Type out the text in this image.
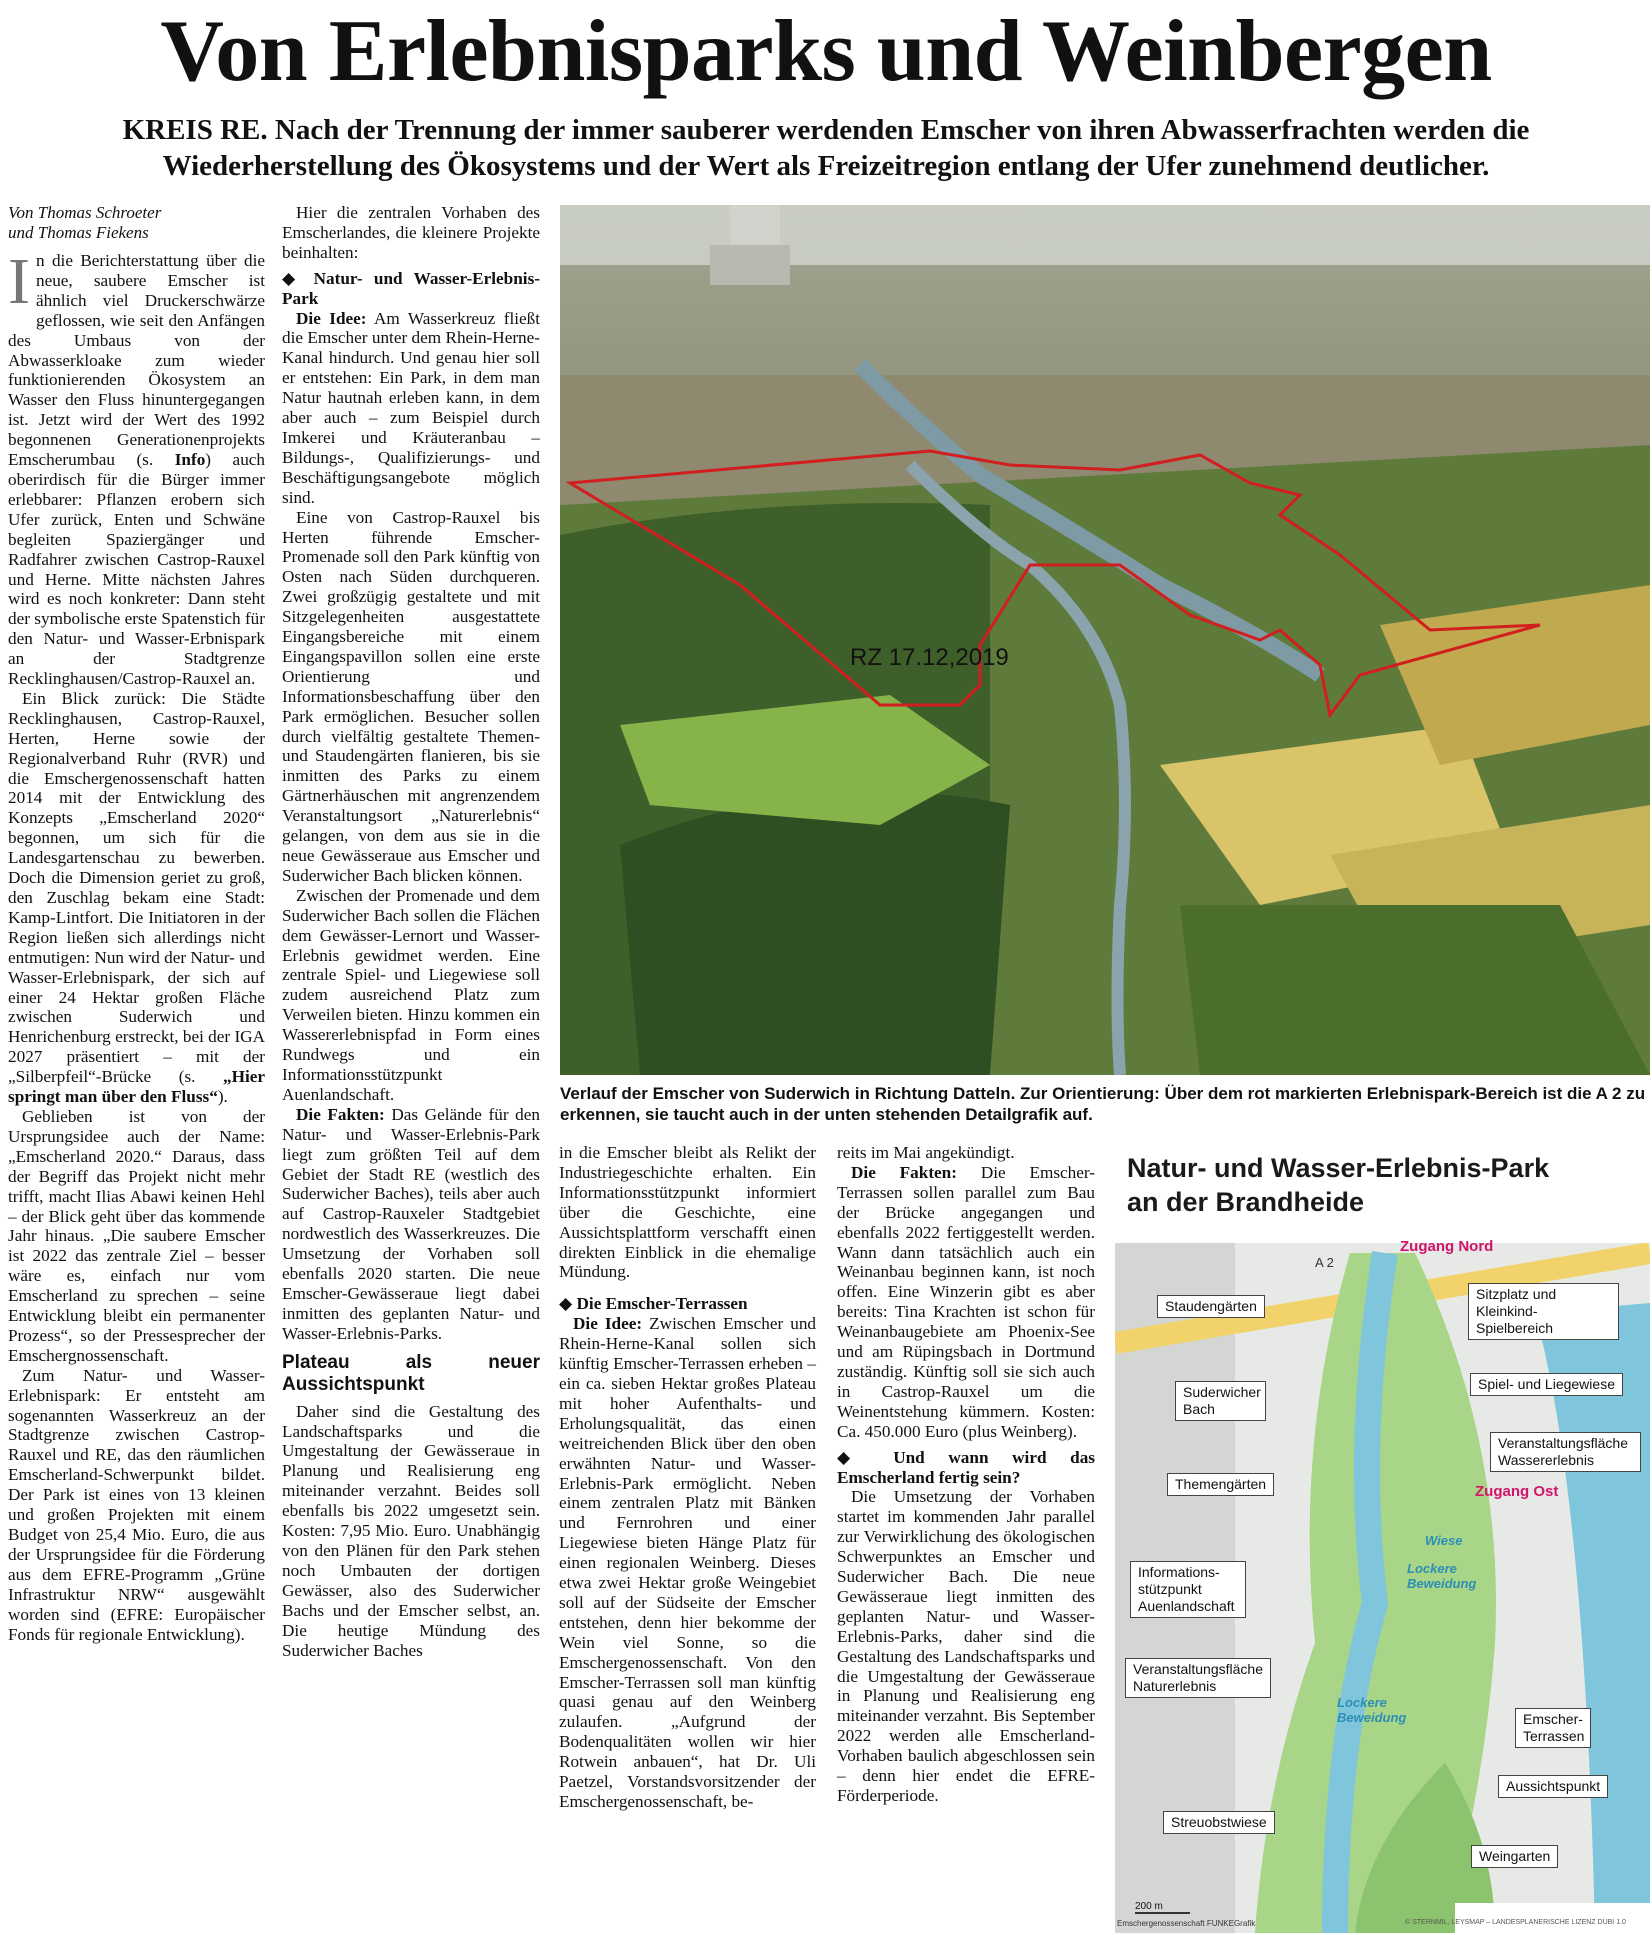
Von Erlebnisparks und Weinbergen
KREIS RE. Nach der Trennung der immer sauberer werdenden Emscher von ihren Abwasserfrachten werden die Wiederherstellung des Ökosystems und der Wert als Freizeitregion entlang der Ufer zunehmend deutlicher.
Von Thomas Schroeter
und Thomas Fiekens

In die Berichterstattung über die neue, saubere Emscher ist ähnlich viel Druckerschwärze geflossen, wie seit den Anfängen des Umbaus von der Abwasserkloake zum wieder funktionierenden Ökosystem an Wasser den Fluss hinuntergegangen ist. Jetzt wird der Wert des 1992 begonnenen Generationenprojekts Emscherumbau (s. Info) auch oberirdisch für die Bürger immer erlebbarer: Pflanzen erobern sich Ufer zurück, Enten und Schwäne begleiten Spaziergänger und Radfahrer zwischen Castrop-Rauxel und Herne. Mitte nächsten Jahres wird es noch konkreter: Dann steht der symbolische erste Spatenstich für den Natur- und Wasser-Erbnispark an der Stadtgrenze Recklinghausen/Castrop-Rauxel an.

Ein Blick zurück: Die Städte Recklinghausen, Castrop-Rauxel, Herten, Herne sowie der Regionalverband Ruhr (RVR) und die Emschergenossenschaft hatten 2014 mit der Entwicklung des Konzepts „Emscherland 2020“ begonnen, um sich für die Landesgartenschau zu bewerben. Doch die Dimension geriet zu groß, den Zuschlag bekam eine Stadt: Kamp-Lintfort. Die Initiatoren in der Region ließen sich allerdings nicht entmutigen: Nun wird der Natur- und Wasser-Erlebnispark, der sich auf einer 24 Hektar großen Fläche zwischen Suderwich und Henrichenburg erstreckt, bei der IGA 2027 präsentiert – mit der „Silberpfeil“-Brücke (s. „Hier springt man über den Fluss“).

Geblieben ist von der Ursprungsidee auch der Name: „Emscherland 2020.“ Daraus, dass der Begriff das Projekt nicht mehr trifft, macht Ilias Abawi keinen Hehl – der Blick geht über das kommende Jahr hinaus. „Die saubere Emscher ist 2022 das zentrale Ziel – besser wäre es, einfach nur vom Emscherland zu sprechen – seine Entwicklung bleibt ein permanenter Prozess“, so der Pressesprecher der Emschergnossenschaft.

Zum Natur- und Wasser-Erlebnispark: Er entsteht am sogenannten Wasserkreuz an der Stadtgrenze zwischen Castrop-Rauxel und RE, das den räumlichen Emscherland-Schwerpunkt bildet. Der Park ist eines von 13 kleinen und großen Projekten mit einem Budget von 25,4 Mio. Euro, die aus der Ursprungsidee für die Förderung aus dem EFRE-Programm „Grüne Infrastruktur NRW“ ausgewählt worden sind (EFRE: Europäischer Fonds für regionale Entwicklung).

Hier die zentralen Vorhaben des Emscherlandes, die kleinere Projekte beinhalten:

◆ Natur- und Wasser-Erlebnis-Park

Die Idee: Am Wasserkreuz fließt die Emscher unter dem Rhein-Herne-Kanal hindurch. Und genau hier soll er entstehen: Ein Park, in dem man Natur hautnah erleben kann, in dem aber auch – zum Beispiel durch Imkerei und Kräuteranbau – Bildungs-, Qualifizierungs- und Beschäftigungsangebote möglich sind.

Eine von Castrop-Rauxel bis Herten führende Emscher-Promenade soll den Park künftig von Osten nach Süden durchqueren. Zwei großzügig gestaltete und mit Sitzgelegenheiten ausgestattete Eingangsbereiche mit einem Eingangspavillon sollen eine erste Orientierung und Informationsbeschaffung über den Park ermöglichen. Besucher sollen durch vielfältig gestaltete Themen- und Staudengärten flanieren, bis sie inmitten des Parks zu einem Gärtnerhäuschen mit angrenzendem Veranstaltungsort „Naturerlebnis“ gelangen, von dem aus sie in die neue Gewässeraue aus Emscher und Suderwicher Bach blicken können.

Zwischen der Promenade und dem Suderwicher Bach sollen die Flächen dem Gewässer-Lernort und Wasser-Erlebnis gewidmet werden. Eine zentrale Spiel- und Liegewiese soll zudem ausreichend Platz zum Verweilen bieten. Hinzu kommen ein Wassererlebnispfad in Form eines Rundwegs und ein Informationsstützpunkt Auenlandschaft.

Die Fakten: Das Gelände für den Natur- und Wasser-Erlebnis-Park liegt zum größten Teil auf dem Gebiet der Stadt RE (westlich des Suderwicher Baches), teils aber auch auf Castrop-Rauxeler Stadtgebiet nordwestlich des Wasserkreuzes. Die Umsetzung der Vorhaben soll ebenfalls 2020 starten. Die neue Emscher-Gewässeraue liegt dabei inmitten des geplanten Natur- und Wasser-Erlebnis-Parks.

Plateau als neuer Aussichtspunkt

Daher sind die Gestaltung des Landschaftsparks und die Umgestaltung der Gewässeraue in Planung und Realisierung eng miteinander verzahnt. Beides soll ebenfalls bis 2022 umgesetzt sein. Kosten: 7,95 Mio. Euro. Unabhängig von den Plänen für den Park stehen noch Umbauten der dortigen Gewässer, also des Suderwicher Bachs und der Emscher selbst, an. Die heutige Mündung des Suderwicher Baches

RZ 17.12,2019
Verlauf der Emscher von Suderwich in Richtung Datteln. Zur Orientierung: Über dem rot markierten Erlebnispark-Bereich ist die A 2 zu erkennen, sie taucht auch in der unten stehenden Detailgrafik auf.

in die Emscher bleibt als Relikt der Industriegeschichte erhalten. Ein Informationsstützpunkt informiert über die Geschichte, eine Aussichtsplattform verschafft einen direkten Einblick in die ehemalige Mündung.

◆ Die Emscher-Terrassen

Die Idee: Zwischen Emscher und Rhein-Herne-Kanal sollen sich künftig Emscher-Terrassen erheben – ein ca. sieben Hektar großes Plateau mit hoher Aufenthalts- und Erholungsqualität, das einen weitreichenden Blick über den oben erwähnten Natur- und Wasser-Erlebnis-Park ermöglicht. Neben einem zentralen Platz mit Bänken und Fernrohren und einer Liegewiese bieten Hänge Platz für einen regionalen Weinberg. Dieses etwa zwei Hektar große Weingebiet soll auf der Südseite der Emscher entstehen, denn hier bekomme der Wein viel Sonne, so die Emschergenossenschaft. Von den Emscher-Terrassen soll man künftig quasi genau auf den Weinberg zulaufen. „Aufgrund der Bodenqualitäten wollen wir hier Rotwein anbauen“, hat Dr. Uli Paetzel, Vorstandsvorsitzender der Emschergenossenschaft, be-

reits im Mai angekündigt.

Die Fakten: Die Emscher-Terrassen sollen parallel zum Bau der Brücke angegangen und ebenfalls 2022 fertiggestellt werden. Wann dann tatsächlich auch ein Weinanbau beginnen kann, ist noch offen. Eine Winzerin gibt es aber bereits: Tina Krachten ist schon für Weinanbaugebiete am Phoenix-See und am Rüpingsbach in Dortmund zuständig. Künftig soll sie sich auch in Castrop-Rauxel um die Weinentstehung kümmern. Kosten: Ca. 450.000 Euro (plus Weinberg).

◆ Und wann wird das Emscherland fertig sein?

Die Umsetzung der Vorhaben startet im kommenden Jahr parallel zur Verwirklichung des ökologischen Schwerpunktes an Emscher und Suderwicher Bach. Die neue Gewässeraue liegt inmitten des geplanten Natur- und Wasser-Erlebnis-Parks, daher sind die Gestaltung des Landschaftsparks und die Umgestaltung der Gewässeraue in Planung und Realisierung eng miteinander verzahnt. Bis September 2022 werden alle Emscherland-Vorhaben baulich abgeschlossen sein – denn hier endet die EFRE-Förderperiode.

Natur- und Wasser-Erlebnis-Park
an der Brandheide
A 2
Zugang Nord
Zugang Ost
Staudengärten
Sitzplatz und Kleinkind-Spielbereich
Suderwicher Bach
Spiel- und Liegewiese
Veranstaltungsfläche Wassererlebnis
Themengärten
Informations-stützpunkt Auenlandschaft
Veranstaltungsfläche Naturerlebnis
Emscher-Terrassen
Aussichtspunkt
Streuobstwiese
Weingarten
Wiese
Lockere Beweidung
Lockere Beweidung
200 m
Emschergenossenschaft FUNKEGrafik	© STERNMIL, LEYSMAP – LANDESPLANERISCHE LIZENZ DUBI 1.0
